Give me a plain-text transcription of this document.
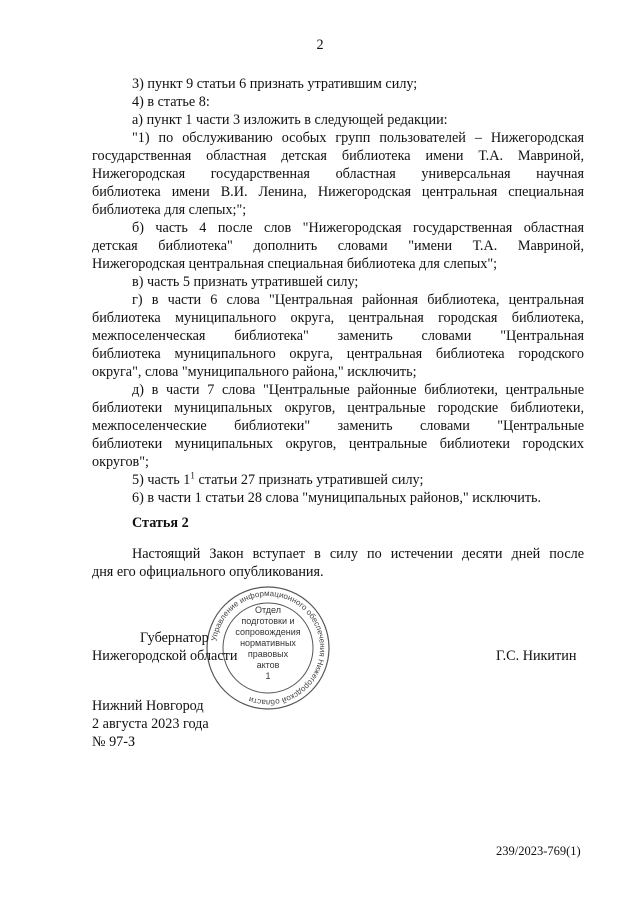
2
3) пункт 9 статьи 6 признать утратившим силу;
4) в статье 8:
а) пункт 1 части 3 изложить в следующей редакции:
"1) по обслуживанию особых групп пользователей – Нижегородская
государственная областная детская библиотека имени Т.А. Мавриной,
Нижегородская государственная областная универсальная научная
библиотека имени В.И. Ленина, Нижегородская центральная специальная
библиотека для слепых;";
б) часть 4 после слов "Нижегородская государственная областная
детская библиотека" дополнить словами "имени Т.А. Мавриной,
Нижегородская центральная специальная библиотека для слепых";
в) часть 5 признать утратившей силу;
г) в части 6 слова "Центральная районная библиотека, центральная
библиотека муниципального округа, центральная городская библиотека,
межпоселенческая библиотека" заменить словами "Центральная
библиотека муниципального округа, центральная библиотека городского
округа", слова "муниципального района," исключить;
д) в части 7 слова "Центральные районные библиотеки, центральные
библиотеки муниципальных округов, центральные городские библиотеки,
межпоселенческие библиотеки" заменить словами "Центральные
библиотеки муниципальных округов, центральные библиотеки городских
округов";
5) часть $1^1$ статьи 27 признать утратившей силу;
6) в части 1 статьи 28 слова "муниципальных районов," исключить.
Статья 2
Настоящий Закон вступает в силу по истечении десяти дней после
дня его официального опубликования.
Управление информационного обеспечения Нижегородской области
Отдел
подготовки и
сопровождения
нормативных
правовых
актов
1
Губернатор
Нижегородской области	Г.С. Никитин
Нижний Новгород
2 августа 2023 года
№ 97-З
239/2023-769(1)
